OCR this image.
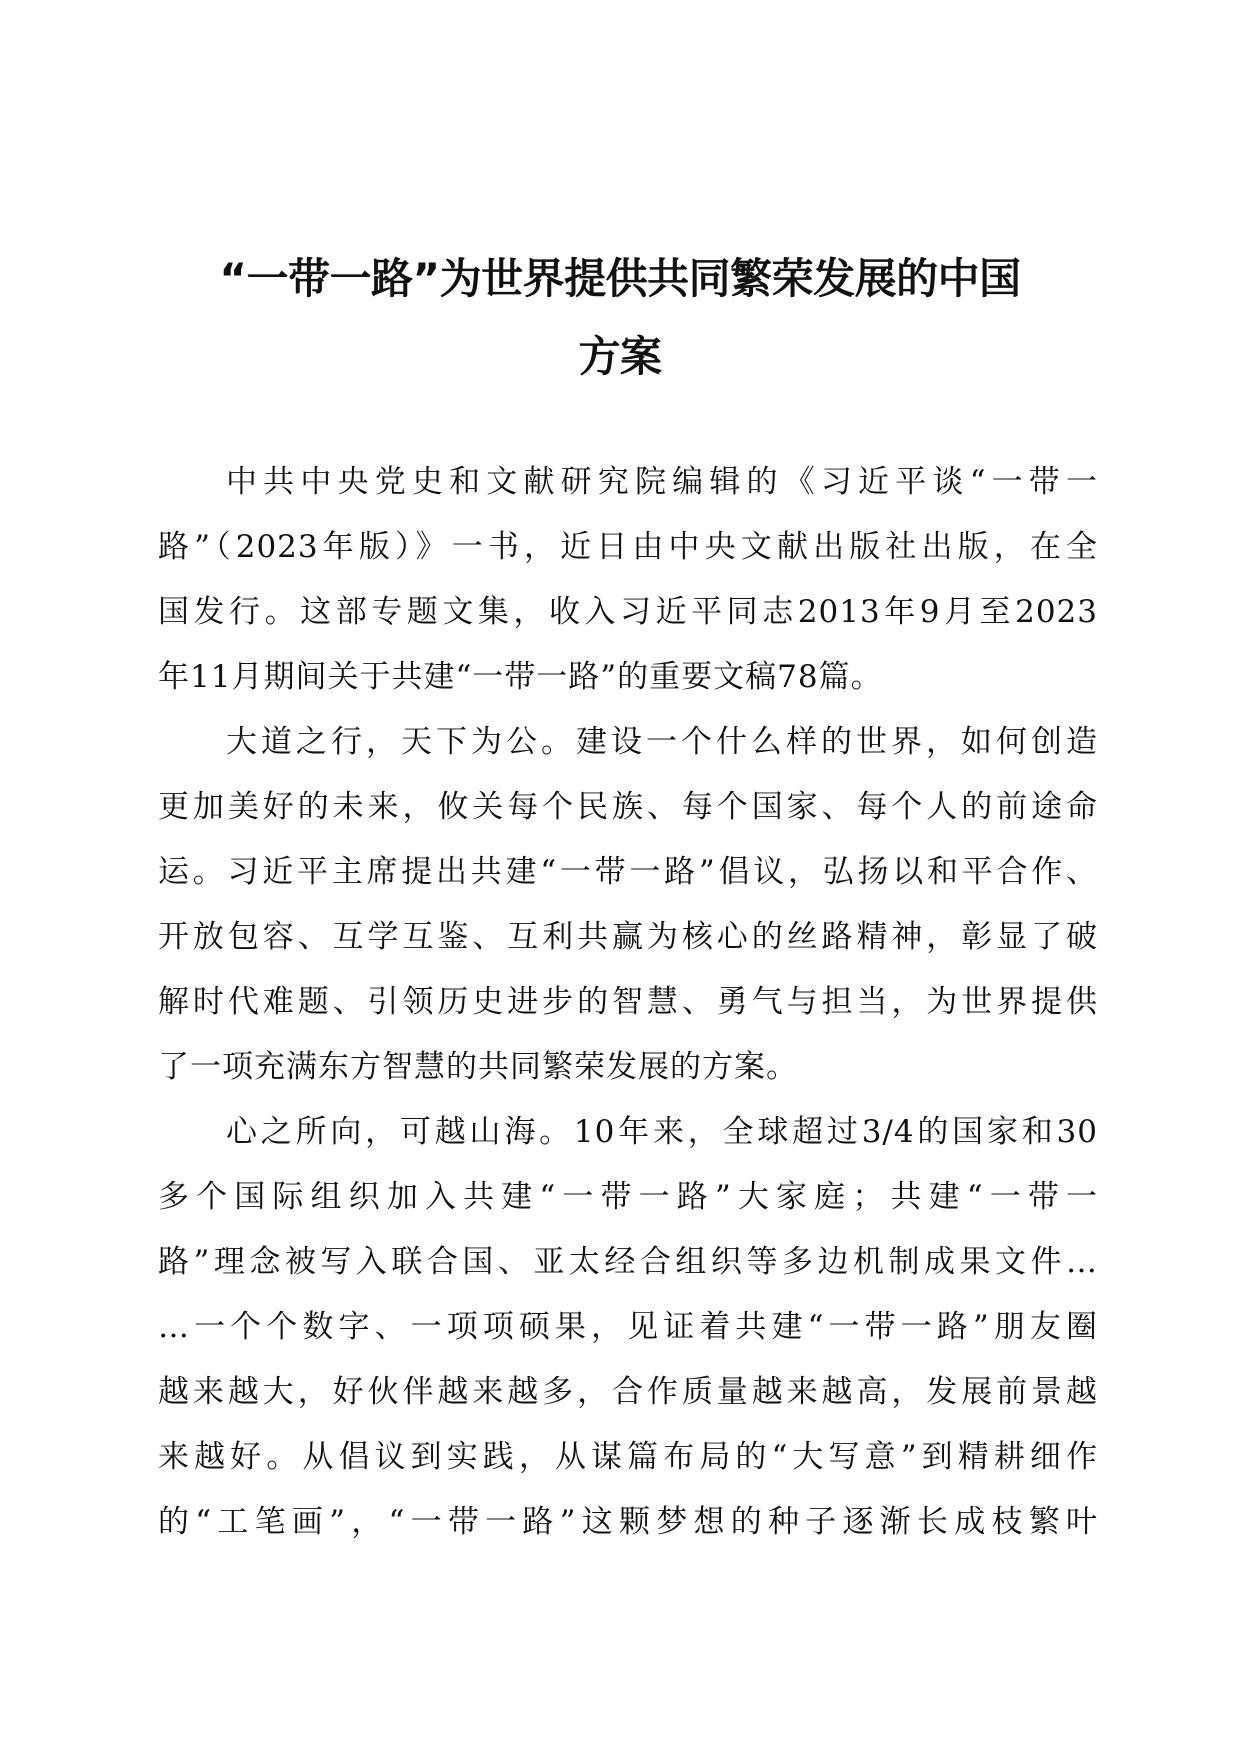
“一带一路”为世界提供共同繁荣发展的中国
方案
中共中央党史和文献研究院编辑的《习近平谈“一带一
路”（2023年版）》一书，近日由中央文献出版社出版，在全
国发行。这部专题文集，收入习近平同志2013年9月至2023
年11月期间关于共建“一带一路”的重要文稿78篇。
大道之行，天下为公。建设一个什么样的世界，如何创造
更加美好的未来，攸关每个民族、每个国家、每个人的前途命
运。习近平主席提出共建“一带一路”倡议，弘扬以和平合作、
开放包容、互学互鉴、互利共赢为核心的丝路精神，彰显了破
解时代难题、引领历史进步的智慧、勇气与担当，为世界提供
了一项充满东方智慧的共同繁荣发展的方案。
心之所向，可越山海。10年来，全球超过3/4的国家和30
多个国际组织加入共建“一带一路”大家庭；共建“一带一
路”理念被写入联合国、亚太经合组织等多边机制成果文件…
…一个个数字、一项项硕果，见证着共建“一带一路”朋友圈
越来越大，好伙伴越来越多，合作质量越来越高，发展前景越
来越好。从倡议到实践，从谋篇布局的“大写意”到精耕细作
的“工笔画”，“一带一路”这颗梦想的种子逐渐长成枝繁叶
